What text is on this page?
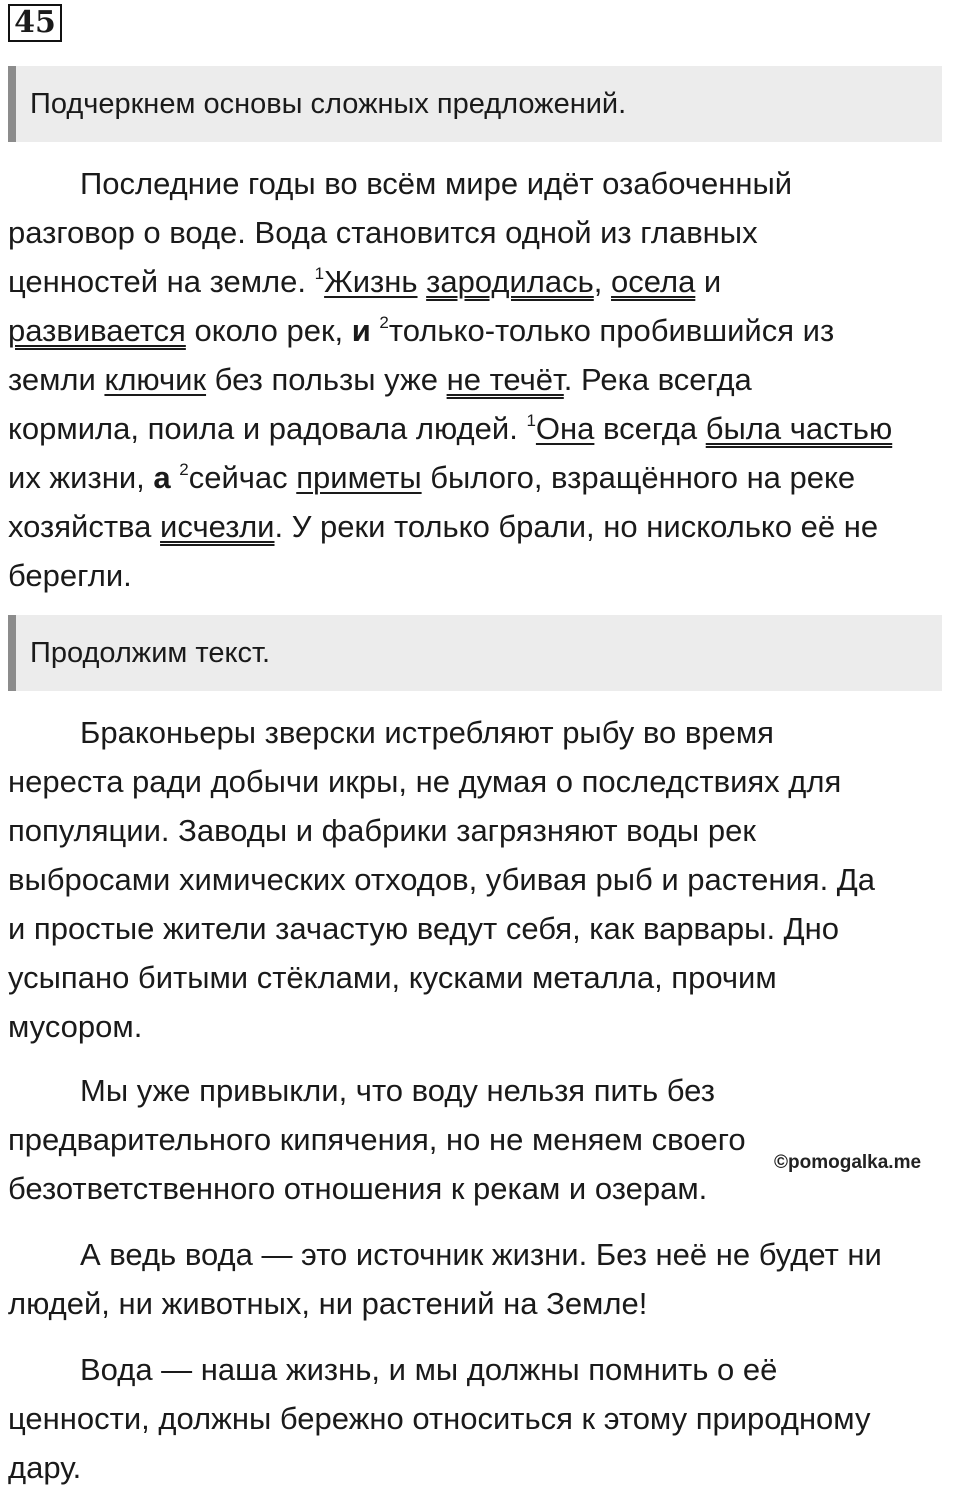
45
Подчеркнем основы сложных предложений.

Последние годы во всём мире идёт озабоченный
разговор о воде. Вода становится одной из главных
ценностей на земле. $^1$Жизнь зародилась, осела и
развивается около рек, и $^2$только-только пробившийся из
земли ключик без пользы уже не течёт. Река всегда
кормила, поила и радовала людей. $^1$Она всегда была частью
их жизни, а $^2$сейчас приметы былого, взращённого на реке
хозяйства исчезли. У реки только брали, но нисколько её не
берегли.

Продолжим текст.

Браконьеры зверски истребляют рыбу во время
нереста ради добычи икры, не думая о последствиях для
популяции. Заводы и фабрики загрязняют воды рек
выбросами химических отходов, убивая рыб и растения. Да
и простые жители зачастую ведут себя, как варвары. Дно
усыпано битыми стёклами, кусками металла, прочим
мусором.

Мы уже привыкли, что воду нельзя пить без
предварительного кипячения, но не меняем своего
безответственного отношения к рекам и озерам.

©pomogalka.me

А ведь вода — это источник жизни. Без неё не будет ни
людей, ни животных, ни растений на Земле!

Вода — наша жизнь, и мы должны помнить о её
ценности, должны бережно относиться к этому природному
дару.
